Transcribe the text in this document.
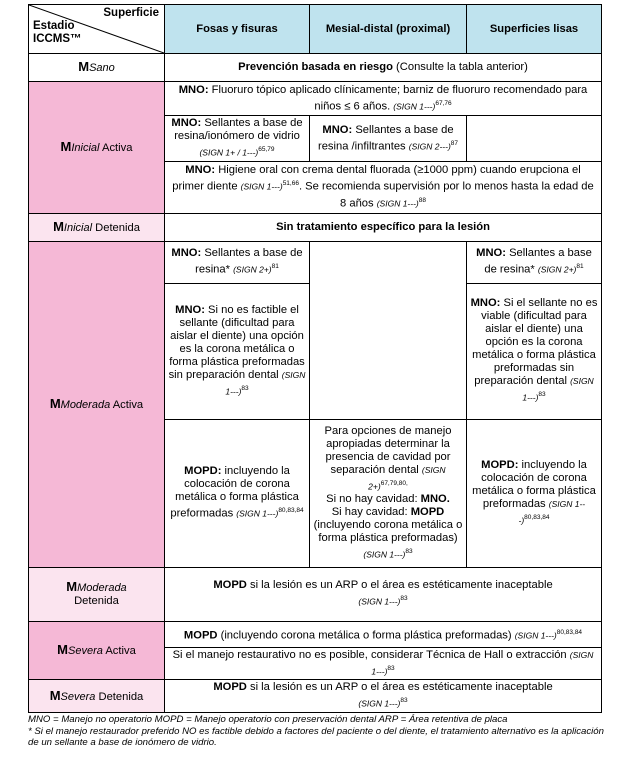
Superficie
Estadio
ICCMS™	Fosas y fisuras	Mesial-distal (proximal)	Superficies lisas
MSano	Prevención basada en riesgo (Consulte la tabla anterior)		
MInicial Activa	MNO: Fluoruro tópico aplicado clínicamente; barniz de fluoruro recomendado para niños ≤ 6 años. (SIGN 1---)$^{67,76}$
	MNO: Sellantes a base de resina/ionómero de vidrio (SIGN 1+ / 1---)$^{65,79}$	MNO: Sellantes a base de resina /infiltrantes (SIGN 2---)$^{87}$	
	MNO: Higiene oral con crema dental fluorada (≥1000 ppm) cuando erupciona el primer diente (SIGN 1---)$^{51,66}$. Se recomienda supervisión por lo menos hasta la edad de 8 años (SIGN 1---)$^{88}$
MInicial Detenida	Sin tratamiento específico para la lesión		
MModerada Activa	MNO: Sellantes a base de resina* (SIGN 2+)$^{81}$		MNO: Sellantes a base de resina* (SIGN 2+)$^{81}$
	MNO: Si no es factible el sellante (dificultad para aislar el diente) una opción es la corona metálica o forma plástica preformadas sin preparación dental (SIGN 1---)$^{83}$		MNO: Si el sellante no es viable (dificultad para aislar el diente) una opción es la corona metálica o forma plástica preformadas sin preparación dental (SIGN 1---)$^{83}$
	MOPD: incluyendo la colocación de corona metálica o forma plástica preformadas (SIGN 1---)$^{80,83,84}$	Para opciones de manejo apropiadas determinar la presencia de cavidad por separación dental (SIGN 2+)$^{67,79,80,}$
Si no hay cavidad: MNO.
Si hay cavidad: MOPD (incluyendo corona metálica o forma plástica preformadas) (SIGN 1---)$^{83}$	MOPD: incluyendo la colocación de corona metálica o forma plástica preformadas (SIGN 1---)$^{80,83,84}$
MModerada
Detenida	MOPD si la lesión es un ARP o el área es estéticamente inaceptable
(SIGN 1---)$^{83}$
MSevera Activa	MOPD (incluyendo corona metálica o forma plástica preformadas) (SIGN 1---)$^{80,83,84}$
	Si el manejo restaurativo no es posible, considerar Técnica de Hall o extracción (SIGN 1---)$^{83}$
MSevera Detenida	MOPD si la lesión es un ARP o el área es estéticamente inaceptable
(SIGN 1---)$^{83}$
MNO = Manejo no operatorio MOPD = Manejo operatorio con preservación dental ARP = Área retentiva de placa
* Si el manejo restaurador preferido NO es factible debido a factores del paciente o del diente, el tratamiento alternativo es la aplicación de un sellante a base de ionómero de vidrio.
